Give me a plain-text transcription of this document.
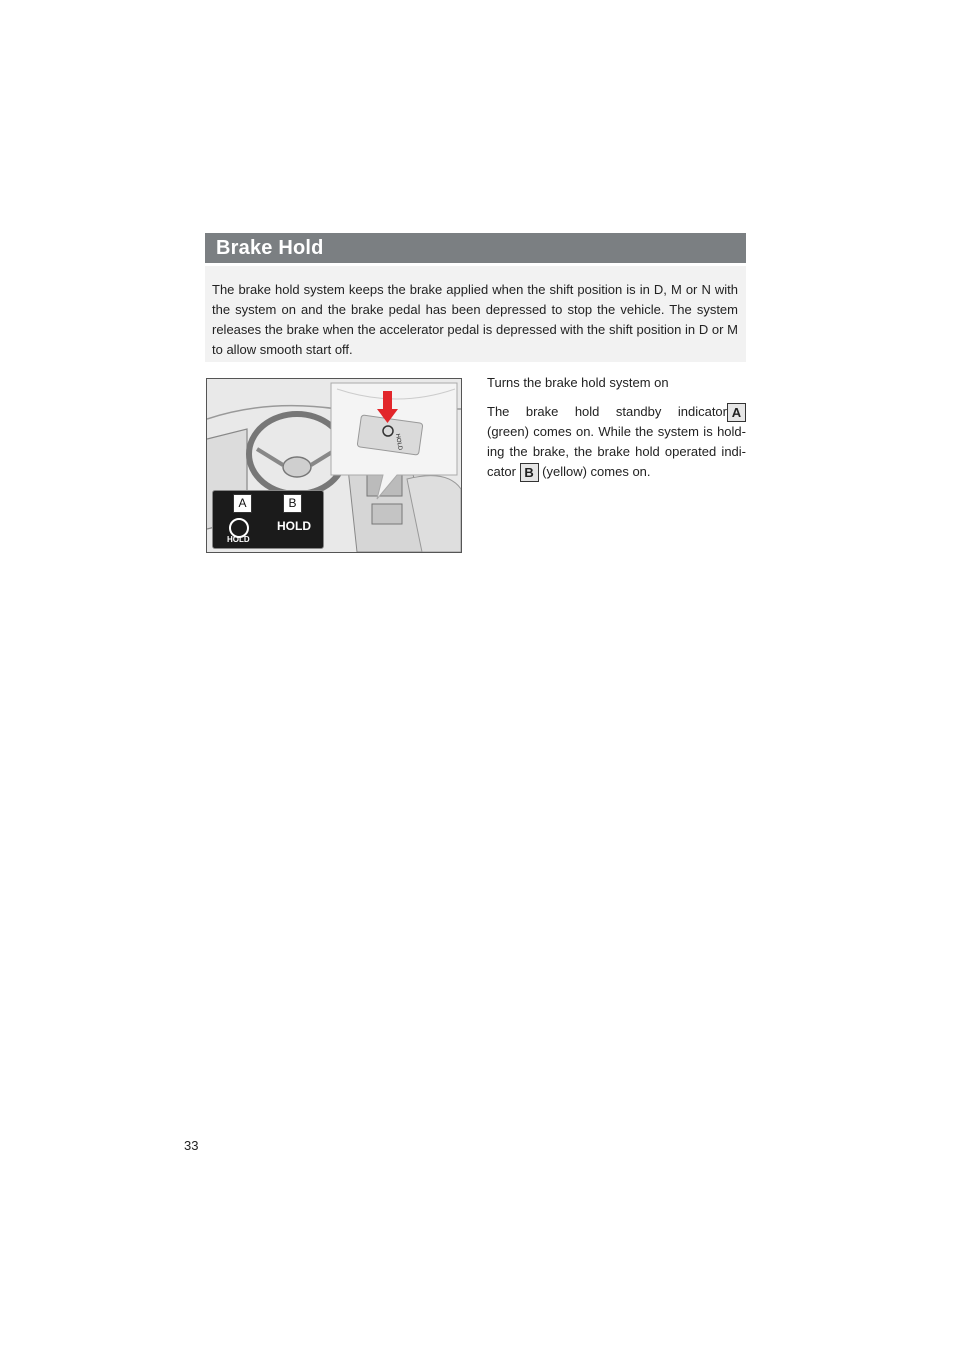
Brake Hold

The brake hold system keeps the brake applied when the shift position is in D, M or N with the system on and the brake pedal has been depressed to stop the vehicle. The system releases the brake when the accelerator pedal is depressed with the shift position in D or M to allow smooth start off.

HOLD
A	B
HOLD
HOLD

Turns the brake hold system on

A
The brake hold standby indicator (green) comes on. While the system is hold-ing the brake, the brake hold operated indi-cator B (yellow) comes on.

33
